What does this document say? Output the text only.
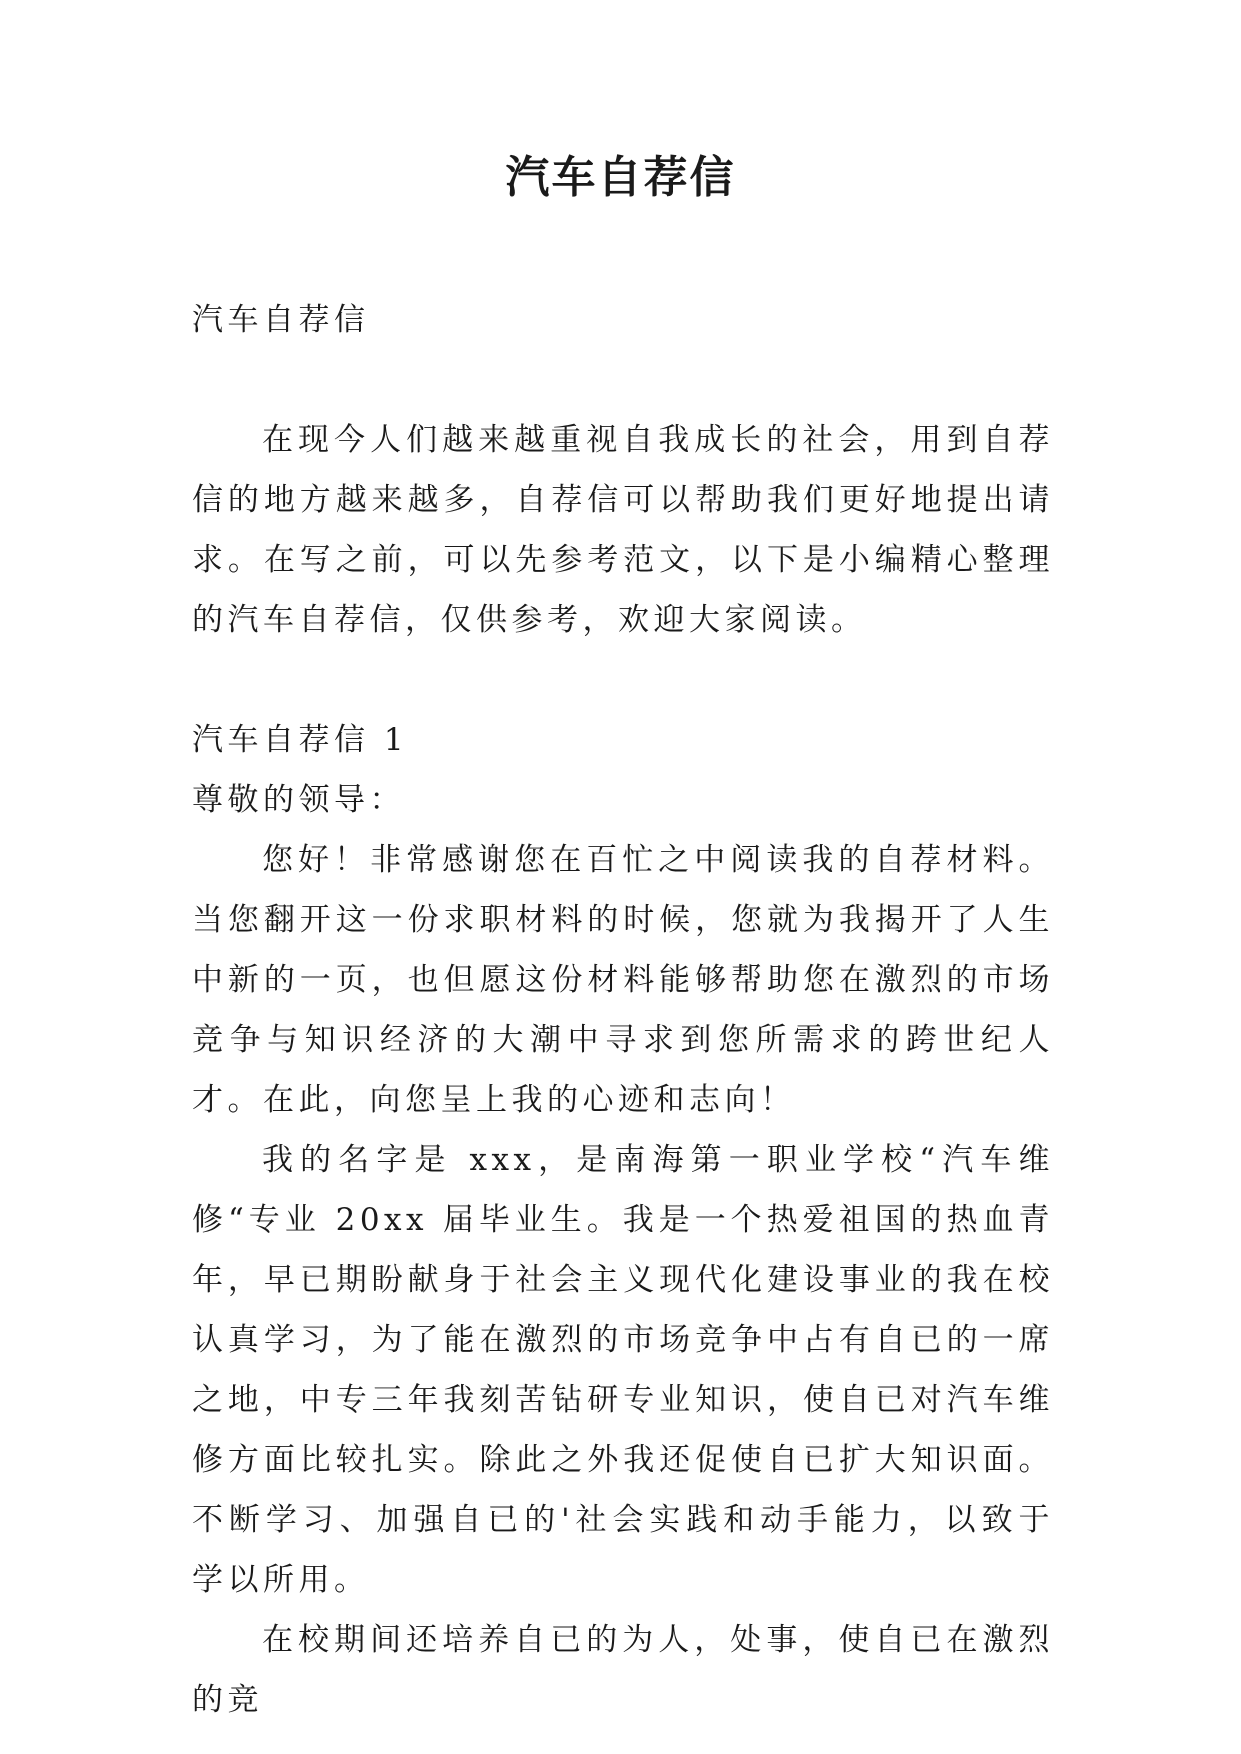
汽车自荐信

汽车自荐信

在现今人们越来越重视自我成长的社会，用到自荐信的地方越来越多，自荐信可以帮助我们更好地提出请求。在写之前，可以先参考范文，以下是小编精心整理的汽车自荐信，仅供参考，欢迎大家阅读。

汽车自荐信 1

尊敬的领导：

您好！非常感谢您在百忙之中阅读我的自荐材料。当您翻开这一份求职材料的时候，您就为我揭开了人生中新的一页，也但愿这份材料能够帮助您在激烈的市场竞争与知识经济的大潮中寻求到您所需求的跨世纪人才。在此，向您呈上我的心迹和志向！

我的名字是 xxx，是南海第一职业学校“汽车维修“专业 20xx 届毕业生。我是一个热爱祖国的热血青年，早已期盼献身于社会主义现代化建设事业的我在校认真学习，为了能在激烈的市场竞争中占有自已的一席之地，中专三年我刻苦钻研专业知识，使自已对汽车维修方面比较扎实。除此之外我还促使自已扩大知识面。不断学习、加强自已的'社会实践和动手能力，以致于学以所用。

在校期间还培养自已的为人，处事，使自已在激烈的竞
